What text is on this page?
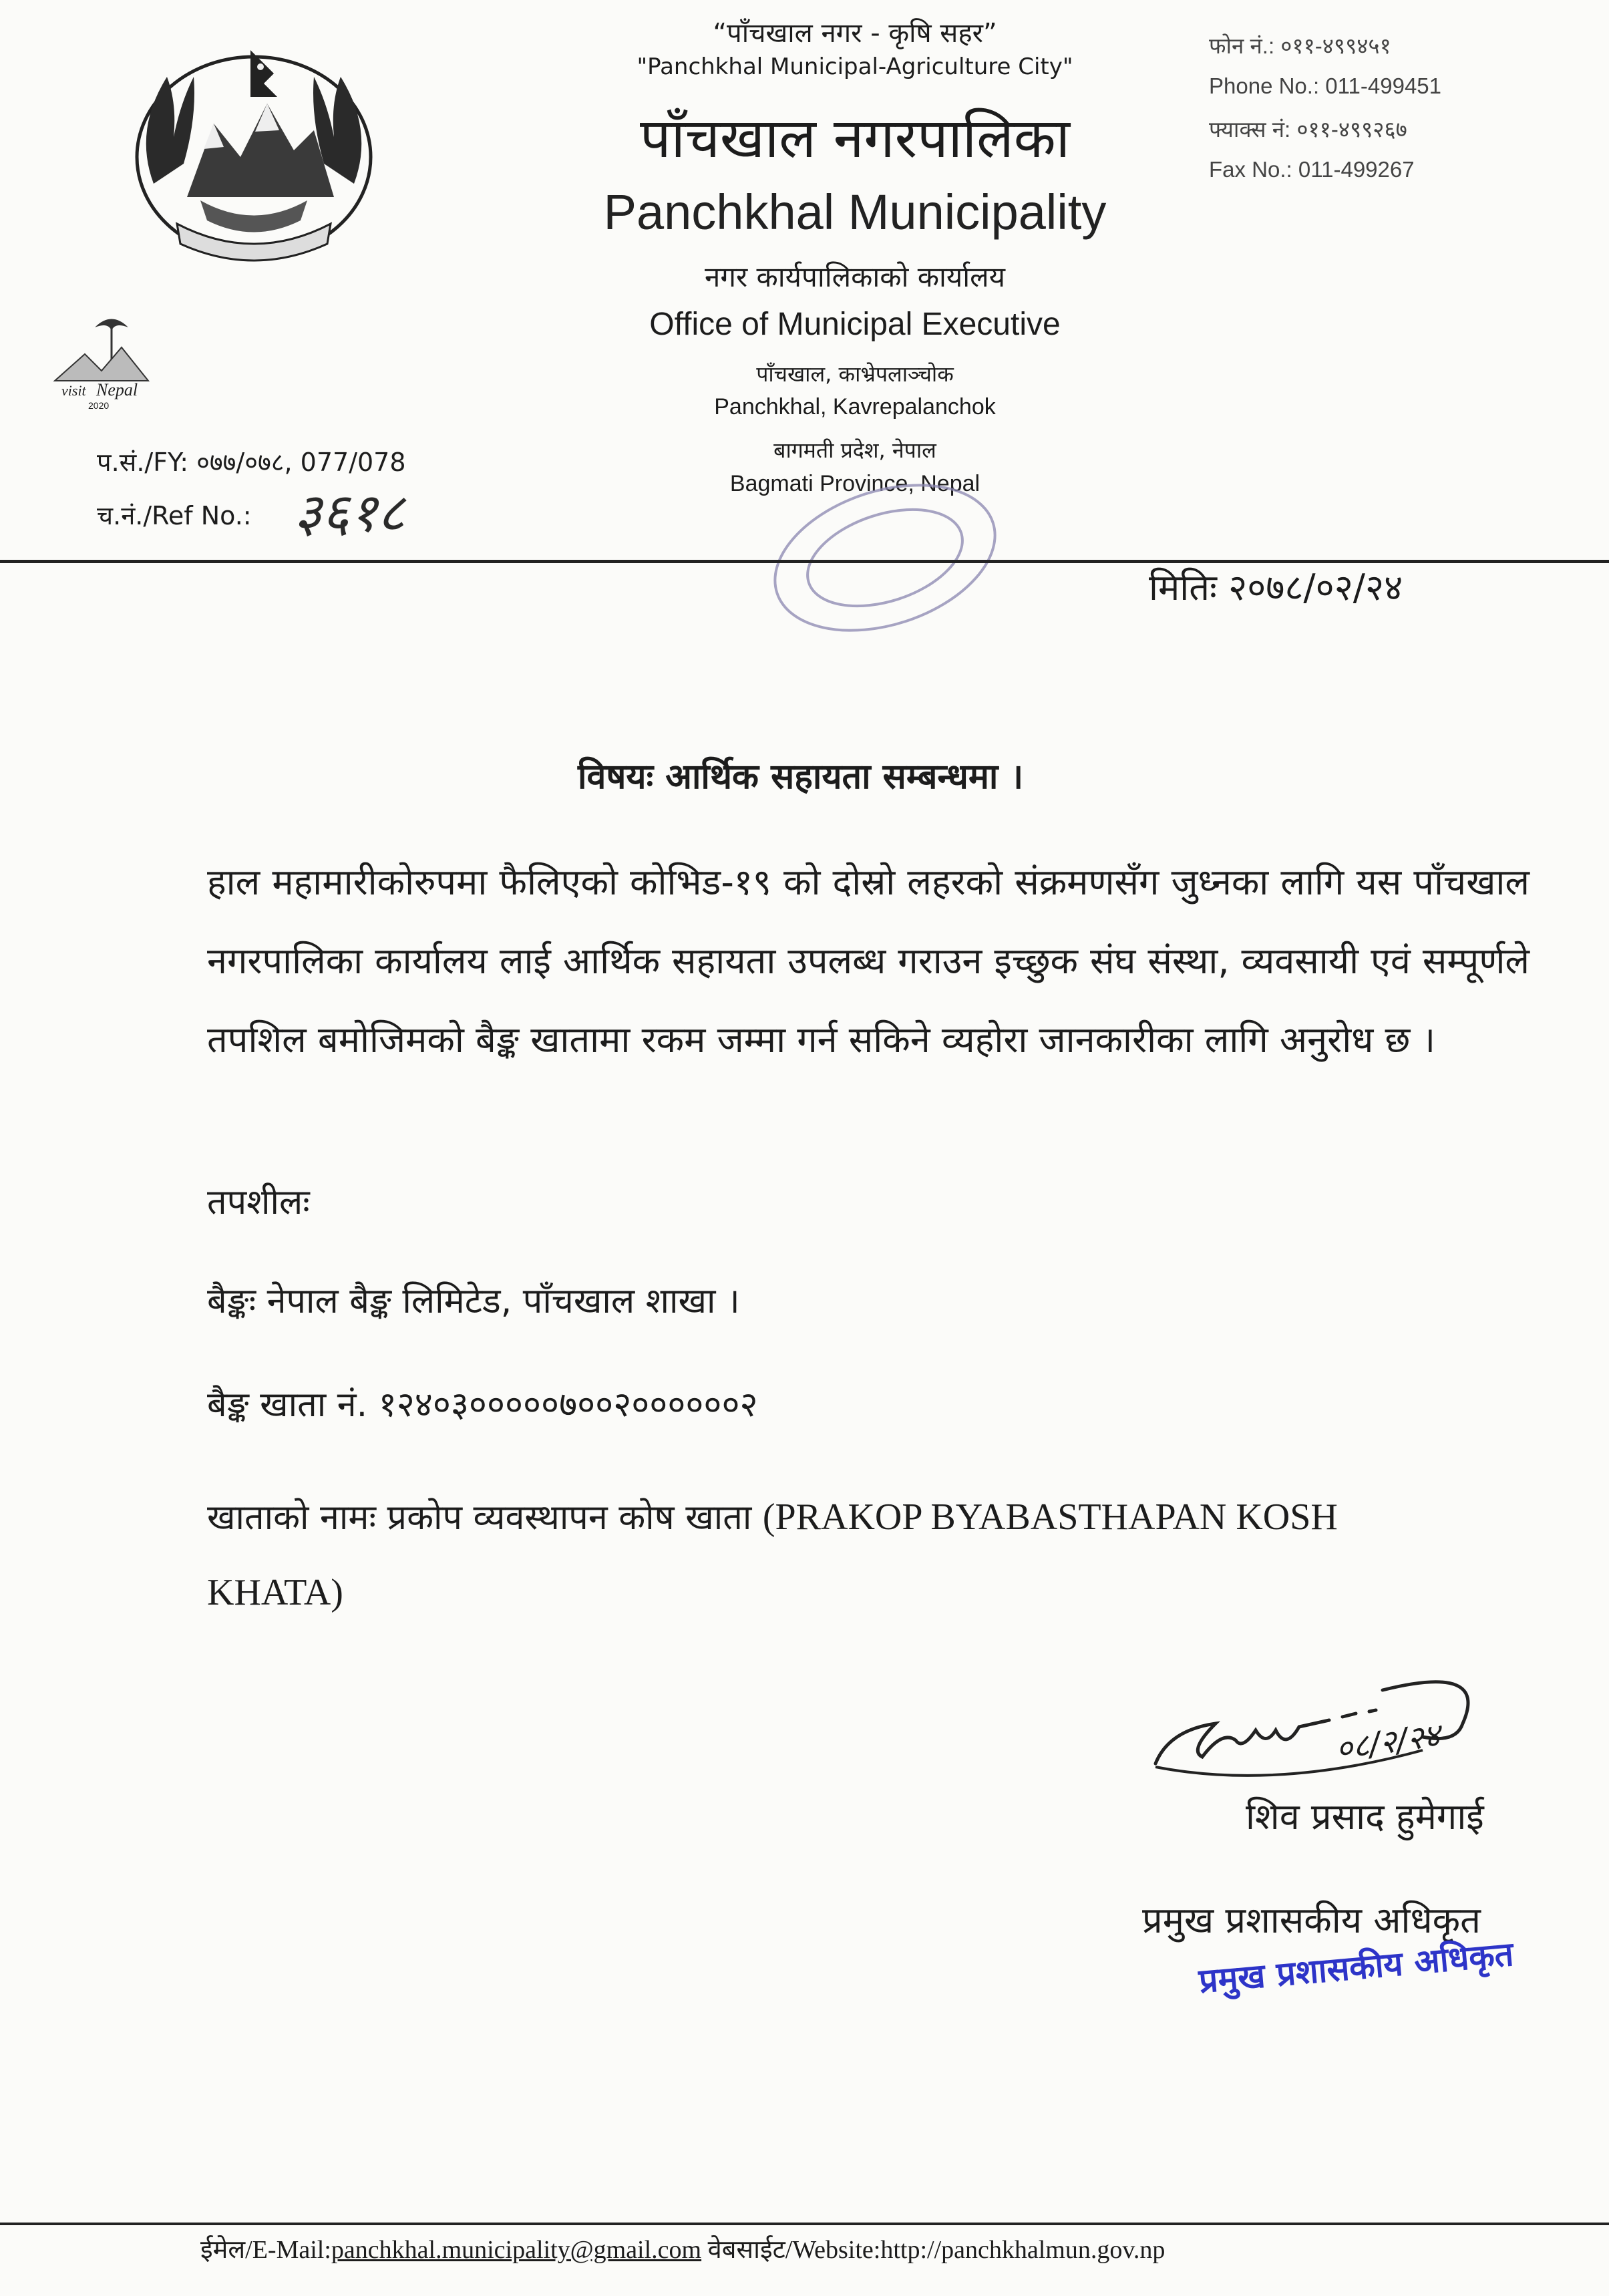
visit Nepal
2020
“पाँचखाल नगर - कृषि सहर”
"Panchkhal Municipal-Agriculture City"
पाँचखाल नगरपालिका
Panchkhal Municipality
नगर कार्यपालिकाको कार्यालय
Office of Municipal Executive
पाँचखाल, काभ्रेपलाञ्चोक
Panchkhal, Kavrepalanchok
बागमती प्रदेश, नेपाल
Bagmati Province, Nepal
फोन नं.: ०११-४९९४५१
Phone No.: 011-499451
फ्याक्स नं: ०११-४९९२६७
Fax No.: 011-499267
प.सं./FY: ०७७/०७८, 077/078
च.नं./Ref No.: ३६१८
मितिः २०७८/०२/२४
विषयः आर्थिक सहायता सम्बन्धमा ।
हाल महामारीकोरुपमा फैलिएको कोभिड-१९ को दोस्रो लहरको संक्रमणसँग जुध्नका लागि यस पाँचखाल नगरपालिका कार्यालय लाई आर्थिक सहायता उपलब्ध गराउन इच्छुक संघ संस्था, व्यवसायी एवं सम्पूर्णले तपशिल बमोजिमको बैङ्क खातामा रकम जम्मा गर्न सकिने व्यहोरा जानकारीका लागि अनुरोध छ ।
तपशीलः
बैङ्कः नेपाल बैङ्क लिमिटेड, पाँचखाल शाखा ।
बैङ्क खाता नं. १२४०३०००००७००२००००००२
खाताको नामः प्रकोप व्यवस्थापन कोष खाता (PRAKOP BYABASTHAPAN KOSH KHATA)
०८/२/२४
शिव प्रसाद हुमेगाई
प्रमुख प्रशासकीय अधिकृत
प्रमुख प्रशासकीय अधिकृत
ईमेल/E-Mail:panchkhal.municipality@gmail.com वेबसाईट/Website:http://panchkhalmun.gov.np
